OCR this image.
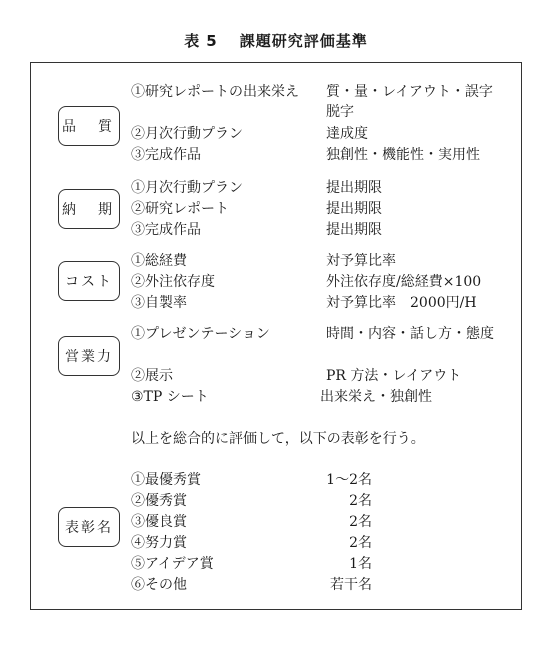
表 5 課題研究評価基準
品　質
①研究レポートの出来栄え 質・量・レイアウト・誤字脱字
②月次行動プラン	達成度
③完成作品	独創性・機能性・実用性
納　期
①月次行動プラン	提出期限
②研究レポート	提出期限
③完成作品	提出期限
コスト
①総経費	対予算比率
②外注依存度	外注依存度/総経費×100
③自製率	対予算比率　2000円/H
営業力
①プレゼンテーション	時間・内容・話し方・態度
②展示	PR 方法・レイアウト
③TP シート	出来栄え・独創性
以上を総合的に評価して，以下の表彰を行う。
表彰名
①最優秀賞	1～2名
②優秀賞	2名
③優良賞	2名
④努力賞	2名
⑤アイデア賞	1名
⑥その他	若干名
